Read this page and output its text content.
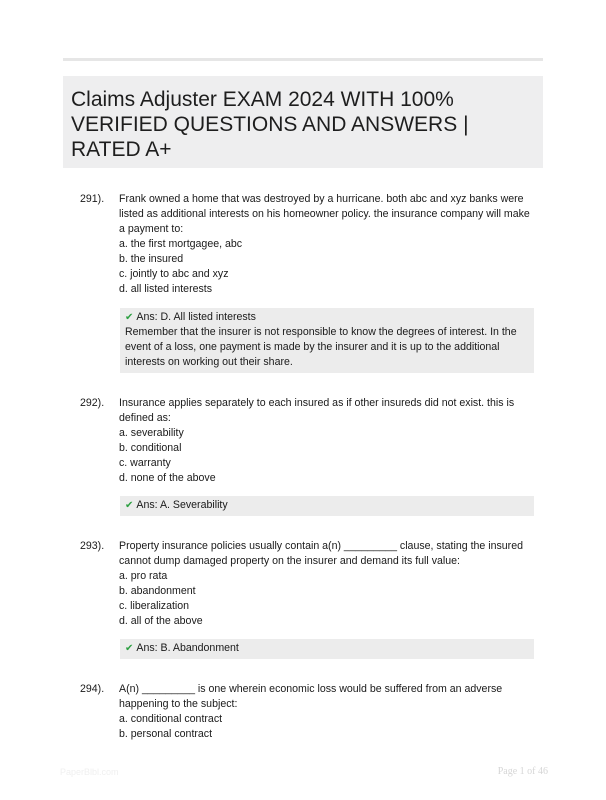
Claims Adjuster EXAM 2024 WITH 100% VERIFIED QUESTIONS AND ANSWERS | RATED A+
291).	Frank owned a home that was destroyed by a hurricane. both abc and xyz banks were listed as additional interests on his homeowner policy. the insurance company will make a payment to:

a. the first mortgagee, abc

b. the insured

c. jointly to abc and xyz

d. all listed interests

✔ Ans: D. All listed interests
Remember that the insurer is not responsible to know the degrees of interest. In the event of a loss, one payment is made by the insurer and it is up to the additional interests on working out their share.
292).	Insurance applies separately to each insured as if other insureds did not exist. this is defined as:

a. severability

b. conditional

c. warranty

d. none of the above

✔ Ans: A. Severability
293).	Property insurance policies usually contain a(n) _________ clause, stating the insured cannot dump damaged property on the insurer and demand its full value:

a. pro rata

b. abandonment

c. liberalization

d. all of the above

✔ Ans: B. Abandonment
294).	A(n) _________ is one wherein economic loss would be suffered from an adverse happening to the subject:

a. conditional contract

b. personal contract

PaperBlbl.com	Page 1 of 46
